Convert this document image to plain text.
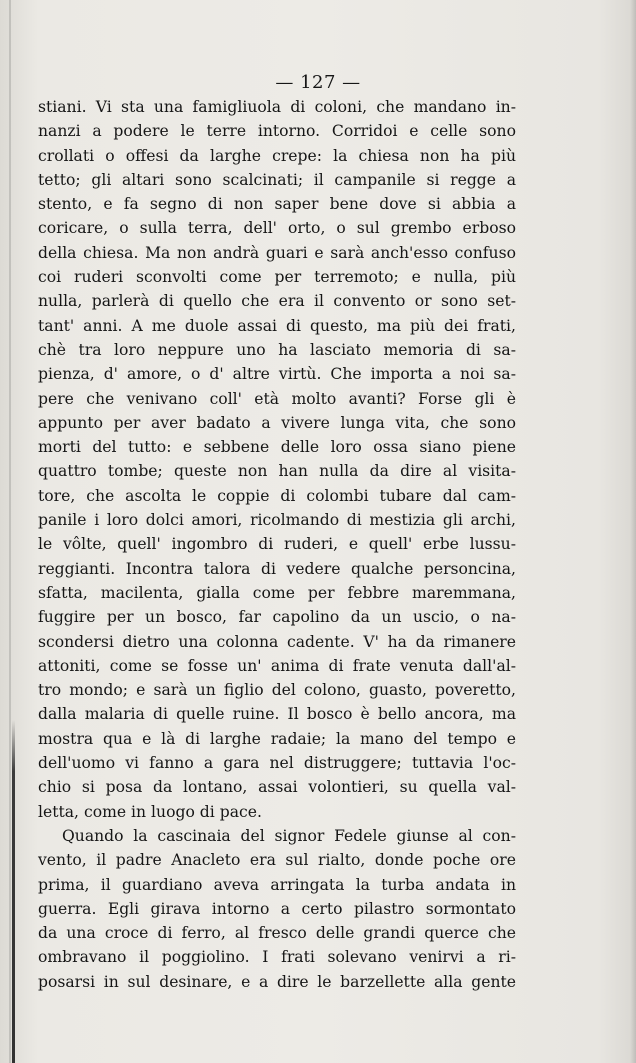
— 127 —
stiani. Vi sta una famigliuola di coloni, che mandano in-
nanzi a podere le terre intorno. Corridoi e celle sono
crollati o offesi da larghe crepe: la chiesa non ha più
tetto; gli altari sono scalcinati; il campanile si regge a
stento, e fa segno di non saper bene dove si abbia a
coricare, o sulla terra, dell' orto, o sul grembo erboso
della chiesa. Ma non andrà guari e sarà anch'esso confuso
coi ruderi sconvolti come per terremoto; e nulla, più
nulla, parlerà di quello che era il convento or sono set-
tant' anni. A me duole assai di questo, ma più dei frati,
chè tra loro neppure uno ha lasciato memoria di sa-
pienza, d' amore, o d' altre virtù. Che importa a noi sa-
pere che venivano coll' età molto avanti? Forse gli è
appunto per aver badato a vivere lunga vita, che sono
morti del tutto: e sebbene delle loro ossa siano piene
quattro tombe; queste non han nulla da dire al visita-
tore, che ascolta le coppie di colombi tubare dal cam-
panile i loro dolci amori, ricolmando di mestizia gli archi,
le vôlte, quell' ingombro di ruderi, e quell' erbe lussu-
reggianti. Incontra talora di vedere qualche personcina,
sfatta, macilenta, gialla come per febbre maremmana,
fuggire per un bosco, far capolino da un uscio, o na-
scondersi dietro una colonna cadente. V' ha da rimanere
attoniti, come se fosse un' anima di frate venuta dall'al-
tro mondo; e sarà un figlio del colono, guasto, poveretto,
dalla malaria di quelle ruine. Il bosco è bello ancora, ma
mostra qua e là di larghe radaie; la mano del tempo e
dell'uomo vi fanno a gara nel distruggere; tuttavia l'oc-
chio si posa da lontano, assai volontieri, su quella val-
letta, come in luogo di pace.
Quando la cascinaia del signor Fedele giunse al con-
vento, il padre Anacleto era sul rialto, donde poche ore
prima, il guardiano aveva arringata la turba andata in
guerra. Egli girava intorno a certo pilastro sormontato
da una croce di ferro, al fresco delle grandi querce che
ombravano il poggiolino. I frati solevano venirvi a ri-
posarsi in sul desinare, e a dire le barzellette alla gente
